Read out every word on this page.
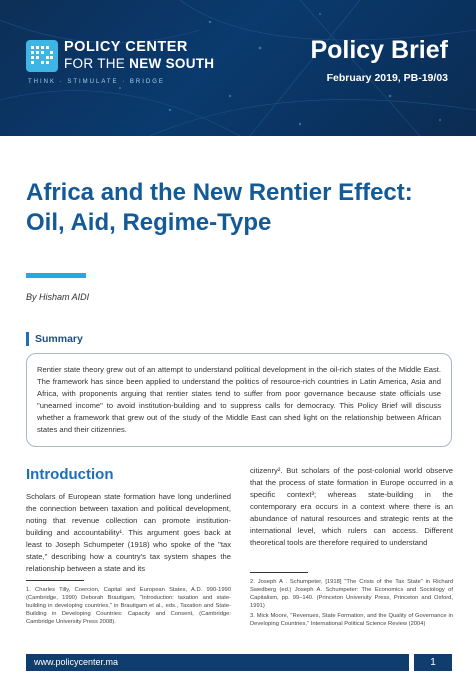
POLICY CENTER
FOR THE NEW SOUTH
THINK · STIMULATE · BRIDGE
Policy Brief
February 2019, PB-19/03
Africa and the New Rentier Effect:
Oil, Aid, Regime-Type
By Hisham AIDI
Summary

Rentier state theory grew out of an attempt to understand political development in the oil-rich states of the Middle East. The framework has since been applied to understand the politics of resource-rich countries in Latin America, Asia and Africa, with proponents arguing that rentier states tend to suffer from poor governance because state officials use "unearned income" to avoid institution-building and to suppress calls for democracy. This Policy Brief will discuss whether a framework that grew out of the study of the Middle East can shed light on the relationship between African states and their citizenries.

Introduction

Scholars of European state formation have long underlined the connection between taxation and political development, noting that revenue collection can promote institution-building and accountability¹. This argument goes back at least to Joseph Schumpeter (1918) who spoke of the "tax state," describing how a country's tax system shapes the relationship between a state and its

citizenry². But scholars of the post-colonial world observe that the process of state formation in Europe occurred in a specific context³; whereas state-building in the contemporary era occurs in a context where there is an abundance of natural resources and strategic rents at the international level, which rulers can access. Different theoretical tools are therefore required to understand

1. Charles Tilly, Coercion, Capital and European States, A.D. 990-1990 (Cambridge, 1990) Deborah Brautigam, "Introduction: taxation and state-building in developing countries," in Brautigam et al., eds., Taxation and State-Building in Developing Countries: Capacity and Consent, (Cambridge: Cambridge University Press 2008).

2. Joseph A . Schumpeter, [1918] "The Crisis of the Tax State" in Richard Swedberg (ed.) Joseph A. Schumpeter: The Economics and Sociology of Capitalism, pp. 99–140. (Princeton University Press, Princeton and Oxford, 1991)

3. Mick Moore, "Revenues, State Formation, and the Quality of Governance in Developing Countries," International Political Science Review (2004)

www.policycenter.ma	1
